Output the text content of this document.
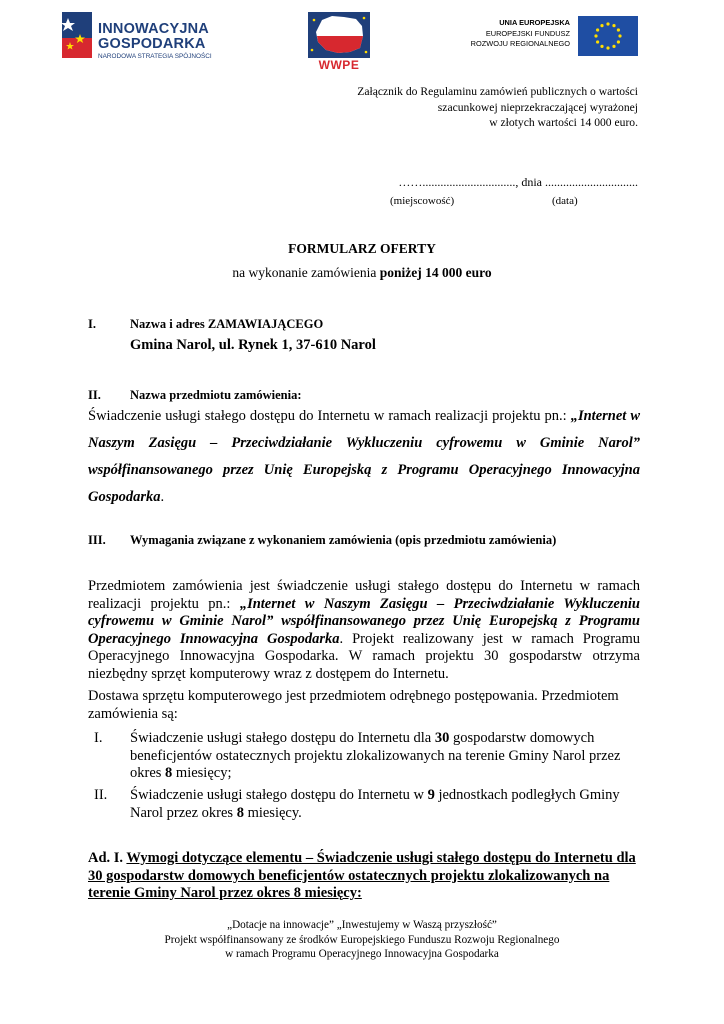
INNOWACYJNA
GOSPODARKA
NARODOWA STRATEGIA SPÓJNOŚCI
WWPE
UNIA EUROPEJSKA
EUROPEJSKI FUNDUSZ
ROZWOJU REGIONALNEGO
Załącznik do Regulaminu zamówień publicznych o wartości
szacunkowej nieprzekraczającej wyrażonej
w złotych wartości 14 000 euro.
……..............................., dnia ...............................
(miejscowość)	(data)
FORMULARZ OFERTY
na wykonanie zamówienia poniżej 14 000 euro
I.	Nazwa i adres ZAMAWIAJĄCEGO
Gmina Narol, ul. Rynek 1, 37-610 Narol
II. Nazwa przedmiotu zamówienia:
Świadczenie usługi stałego dostępu do Internetu w ramach realizacji projektu pn.: „Internet w Naszym Zasięgu – Przeciwdziałanie Wykluczeniu cyfrowemu w Gminie Narol” współfinansowanego przez Unię Europejską z Programu Operacyjnego Innowacyjna Gospodarka.
III. Wymagania związane z wykonaniem zamówienia (opis przedmiotu zamówienia)
Przedmiotem zamówienia jest świadczenie usługi stałego dostępu do Internetu w ramach realizacji projektu pn.: „Internet w Naszym Zasięgu – Przeciwdziałanie Wykluczeniu cyfrowemu w Gminie Narol” współfinansowanego przez Unię Europejską z Programu Operacyjnego Innowacyjna Gospodarka. Projekt realizowany jest w ramach Programu Operacyjnego Innowacyjna Gospodarka. W ramach projektu 30 gospodarstw otrzyma niezbędny sprzęt komputerowy wraz z dostępem do Internetu.
Dostawa sprzętu komputerowego jest przedmiotem odrębnego postępowania. Przedmiotem zamówienia są:
I. Świadczenie usługi stałego dostępu do Internetu dla 30 gospodarstw domowych beneficjentów ostatecznych projektu zlokalizowanych na terenie Gminy Narol przez okres 8 miesięcy;
II. Świadczenie usługi stałego dostępu do Internetu w 9 jednostkach podległych Gminy Narol przez okres 8 miesięcy.
Ad. I. Wymogi dotyczące elementu – Świadczenie usługi stałego dostępu do Internetu dla 30 gospodarstw domowych beneficjentów ostatecznych projektu zlokalizowanych na terenie Gminy Narol przez okres 8 miesięcy:
„Dotacje na innowacje” „Inwestujemy w Waszą przyszłość”
Projekt współfinansowany ze środków Europejskiego Funduszu Rozwoju Regionalnego
w ramach Programu Operacyjnego Innowacyjna Gospodarka
